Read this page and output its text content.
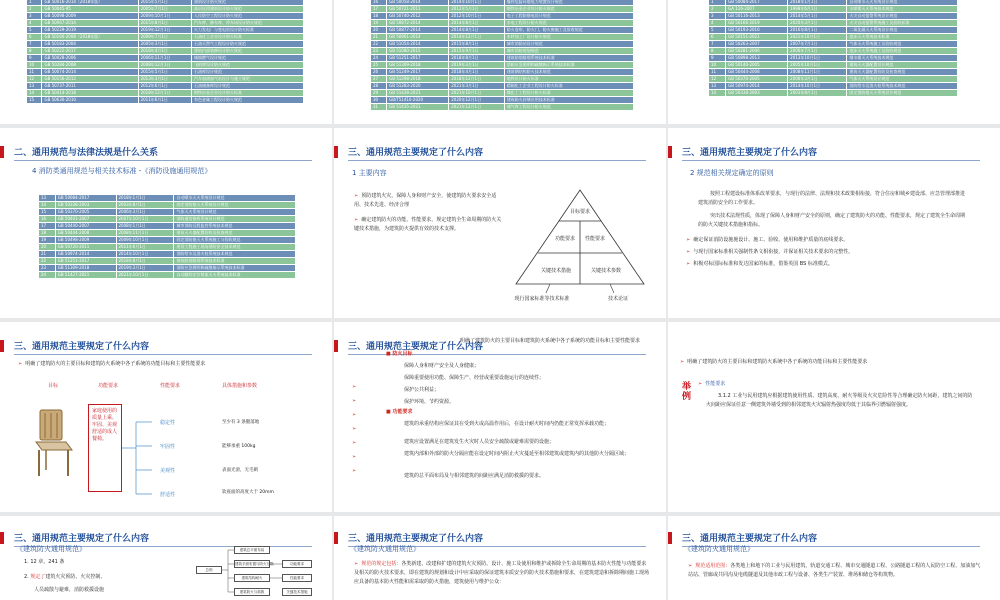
1	GB 50016-2014（2018年版）	2015年5月1日	建筑设计防火规范
2	GB 50045-95	2005年7月1日	高层民用建筑设计防火规范
3	GB 50098-2009	2009年10月1日	人民防空工程设计防火规范
4	GB 50067-2014	2015年8月1日	汽车库、修车库、停车场设计防火规范
5	GB 50229-2019	2019年12月1日	火力发电厂与变电站设计防火标准
6	GB 50160-2008（2018年版）	2009年7月1日	石油化工企业设计防火标准
7	GB 50183-2004	2005年3月1日	石油天然气工程设计防火规范
8	GB 50222-2017	2018年4月1日	建筑内部装修设计防火规范
9	GB 50028-2006	2006年11月1日	城镇燃气设计规范
10	GB 50284-2008	2008年12月1日	飞机库设计防火规范
11	GB 50074-2014	2015年5月1日	石油库设计规范
12	GB 50156-2012	2013年3月1日	汽车加油加气站设计与施工规范
13	GB 50737-2011	2012年6月1日	石油储备库设计规范
14	GB 50414-2018	2018年12月1日	钢铁冶金企业设计防火标准
15	GB 50630-2010	2011年6月1日	有色金属工程设计防火规范
16	GB 50058-2014	2014年10月1日	爆炸危险环境电力装置设计规范
17	GB 50721-2011	2012年5月1日	钢铁冶金企业设计防火规范
18	GB 50740-2012	2012年10月1日	电子工程防静电设计规范
19	GB 50872-2014	2014年8月1日	水电工程设计防火规范
20	GB 50877-2014	2014年8月1日	防火卷帘、防火门、防火窗施工及验收规范
21	GB 50961-2014	2014年12月1日	木材加工厂设计防火规范
22	GB 51054-2014	2015年8月1日	城市消防站设计规范
23	GB 51080-2015	2015年9月1日	城市消防规划规范
24	GB 51251-2017	2018年8月1日	建筑防烟排烟系统技术标准
25	GB 51309-2018	2019年3月1日	消防应急照明和疏散指示系统技术标准
26	GB 51249-2017	2018年4月1日	建筑钢结构防火技术规范
27	GB 51298-2018	2018年12月1日	地铁设计防火标准
28	GB 51283-2020	2021年3月1日	精细化工企业工程设计防火标准
29	GB 51428-2021	2021年10月1日	煤化工工程设计防火标准
30	GB/T51410-2020	2020年12月1日	建筑防火封堵应用技术标准
31	GB 51435-2021	2021年12月1日	储气库工程设计防火规范
1	GB 50084-2017	2018年1月1日	自动喷水灭火系统设计规范
2	GA 116-2007	1998年6月1日	水喷雾灭火系统技术规范
3	GB 50116-2013	2014年5月1日	火灾自动报警系统设计规范
4	GB 50166-2019	2020年3月1日	火灾自动报警系统施工及验收标准
5	GB 50193-2016	2016年8月1日	二氧化碳灭火系统设计规范
6	GB 50151-2021	2021年10月1日	泡沫灭火系统技术标准
7	GB 50263-2007	2007年7月1日	气体灭火系统施工及验收规范
8	GB 50281-2006	2006年7月1日	泡沫灭火系统施工及验收规范
9	GB 50898-2013	2013年10月1日	细水雾灭火系统技术规范
10	GB 50140-2005	2005年10月1日	建筑灭火器配置设计规范
11	GB 50444-2008	2008年11月1日	建筑灭火器配置验收及检查规范
12	GB 50370-2005	2006年3月1日	气体灭火系统设计规范
13	GB 50974-2014	2014年10月1日	消防给水及消火栓系统技术规范
14	GB 50338-2003	2003年8月1日	固定消防炮灭火系统设计规范
二、通用规范与法律法规是什么关系
4 消防类通用规范与相关技术标准 -《消防设施通用规范》
13	GB 50084-2017	2018年1月1日	自动喷水灭火系统设计规范
14	GB 50338-2003	2003年8月1日	固定消防炮灭火系统设计规范
15	GB 50370-2005	2006年3月1日	气体灭火系统设计规范
16	GB 50401-2007	2007年10月1日	消防通信指挥系统设计规范
17	GB 50440-2007	2008年1月1日	城市消防远程监控系统技术规范
18	GB 50444-2008	2008年11月1日	建筑灭火器配置验收及检查规范
19	GB 50498-2009	2009年10月1日	固定消防炮灭火系统施工与验收规范
20	GB 50720-2011	2011年6月1日	建设工程施工现场消防安全技术规范
21	GB 50974-2014	2014年10月1日	消防给水及消火栓系统技术规范
22	GB 51251-2017	2018年8月1日	建筑防烟排烟系统技术标准
23	GB 51309-2018	2019年3月1日	消防应急照明和疏散指示系统技术标准
24	GB 51427-2021	2021年10月1日	自动跟踪定位射流灭火系统技术标准
三、通用规范主要规定了什么内容
1 主要内容
➢ 预防建筑火灾，保障人身和财产安全，使建筑防火要求安全适用、技术先进、经济合理
➢ 确定建筑防火的功能、性能要求，规定建筑全生命周期的防火关键技术措施，为建筑防火提供有效的技术支撑。
目标要求
功能要求 性能要求
关键技术措施	关键技术参数
现行国家标准等技术标准	技术论证
三、通用规范主要规定了什么内容
2 规范相关规定确定的原则
按照工程建设标准体系改革要求，与现行的法律、法规和技术政策相衔接，符合住房和城乡建设部、应急管理部推进建筑消防安全的工作要求。
突出技术法规性质，体现了保障人身和财产安全的原则，确定了建筑防火的功能、性能要求，规定了建筑全生命周期的防火关键技术措施和指标。
➢ 确定保证消防设施施设计、施工、验收、使用和维护质量的底线要求。
➢ 与现行国家标准相关强制性条文相衔接，并保证相关技术要求的完整性。
➢ 积极对标国际标准和发达国家的标准，借鉴英国 BS 标准模式。
三、通用规范主要规定了什么内容
➢ 明确了建筑防火的主要目标和建筑防火系统中各子系统的功能目标和主要性能要求
目标	功能要求	性能要求	具体措施和参数
家庭使用的质量上乘、牢固、美观舒适的成人餐椅。
稳定性
牢固性
美观性
舒适性
至少有 3 条腿落地
能够承重 100kg
表面光滑，无毛刺
软座面的高度大于 20mm
三、通用规范主要规定了什么内容
明确了建筑防火的主要目标和建筑防火系统中各子系统的功能目标和主要性能要求
■ 防火目标
保障人身和财产安全及人身健康；
保障重要使用功能、保障生产、经营或重要设施运行的连续性；
保护公共利益；
保护环境、节约资源。
■ 功能要求
建筑的承重结构应保证其在受到火或高温作用后，在设计耐火时间内仍能正常发挥承载功能；
建筑应设置满足在建筑发生火灾时人员安全疏散或避难需要的设施；
建筑内部和外部的防火分隔应能在设定时间内阻止火灾蔓延至相邻建筑或建筑内的其他防火分隔区域；
建筑的总平面布局及与相邻建筑的间距应满足消防救援的要求。
➢
➢
➢
➢
➢
➢
➢
➢ 明确了建筑防火的主要目标和建筑防火系统中各子系统的功能目标和主要性能要求
举例
➢ 性能要求
3.1.2 工业与民用建筑应根据建筑使用性质、建筑高度、耐火等级及火灾危险性等合理确定防火间距，建筑之间的防火间距应保证任意一侧建筑外墙受到的相邻建筑火灾辐射热强度均低于其临界引燃辐射强度。
三、通用规范主要规定了什么内容
《建筑防火通用规范》
1. 12 章，241 条
2. 规定了建筑火灾预防、火灾控制、
人员疏散与避难，消防救援设施
总则
建筑总平面布局
建筑平面布置与防火分隔
建筑结构耐火
建筑防火与疏散
功能要求
性能要求
关键技术措施
三、通用规范主要规定了什么内容
《建筑防火通用规范》
➢ 规范的规定包括：各类新建、改建和扩建的建筑火灾预防、设计、施工及使用和维护或拆除全生命周期的基本防火性能与功能要求及相关的防火技术要求，即在建筑的规划和设计中应采取的保证建筑本质安全的防火技术措施和要求，在建筑建造和拆除期间施工现场应具备的基本防火性能和需采取的防火措施，建筑使用与维护公众：
三、通用规范主要规定了什么内容
《建筑防火通用规范》
➢ 规范适用范围：各类地上和地下的工业与民用建筑、轨道交通工程、城市交通隧道工程、公路隧道工程的人民防空工程、加油加气站站、管廊或共同沟及电缆隧道及其他市政工程与设备、各类生产装置、堆场和储仓等构筑物。
